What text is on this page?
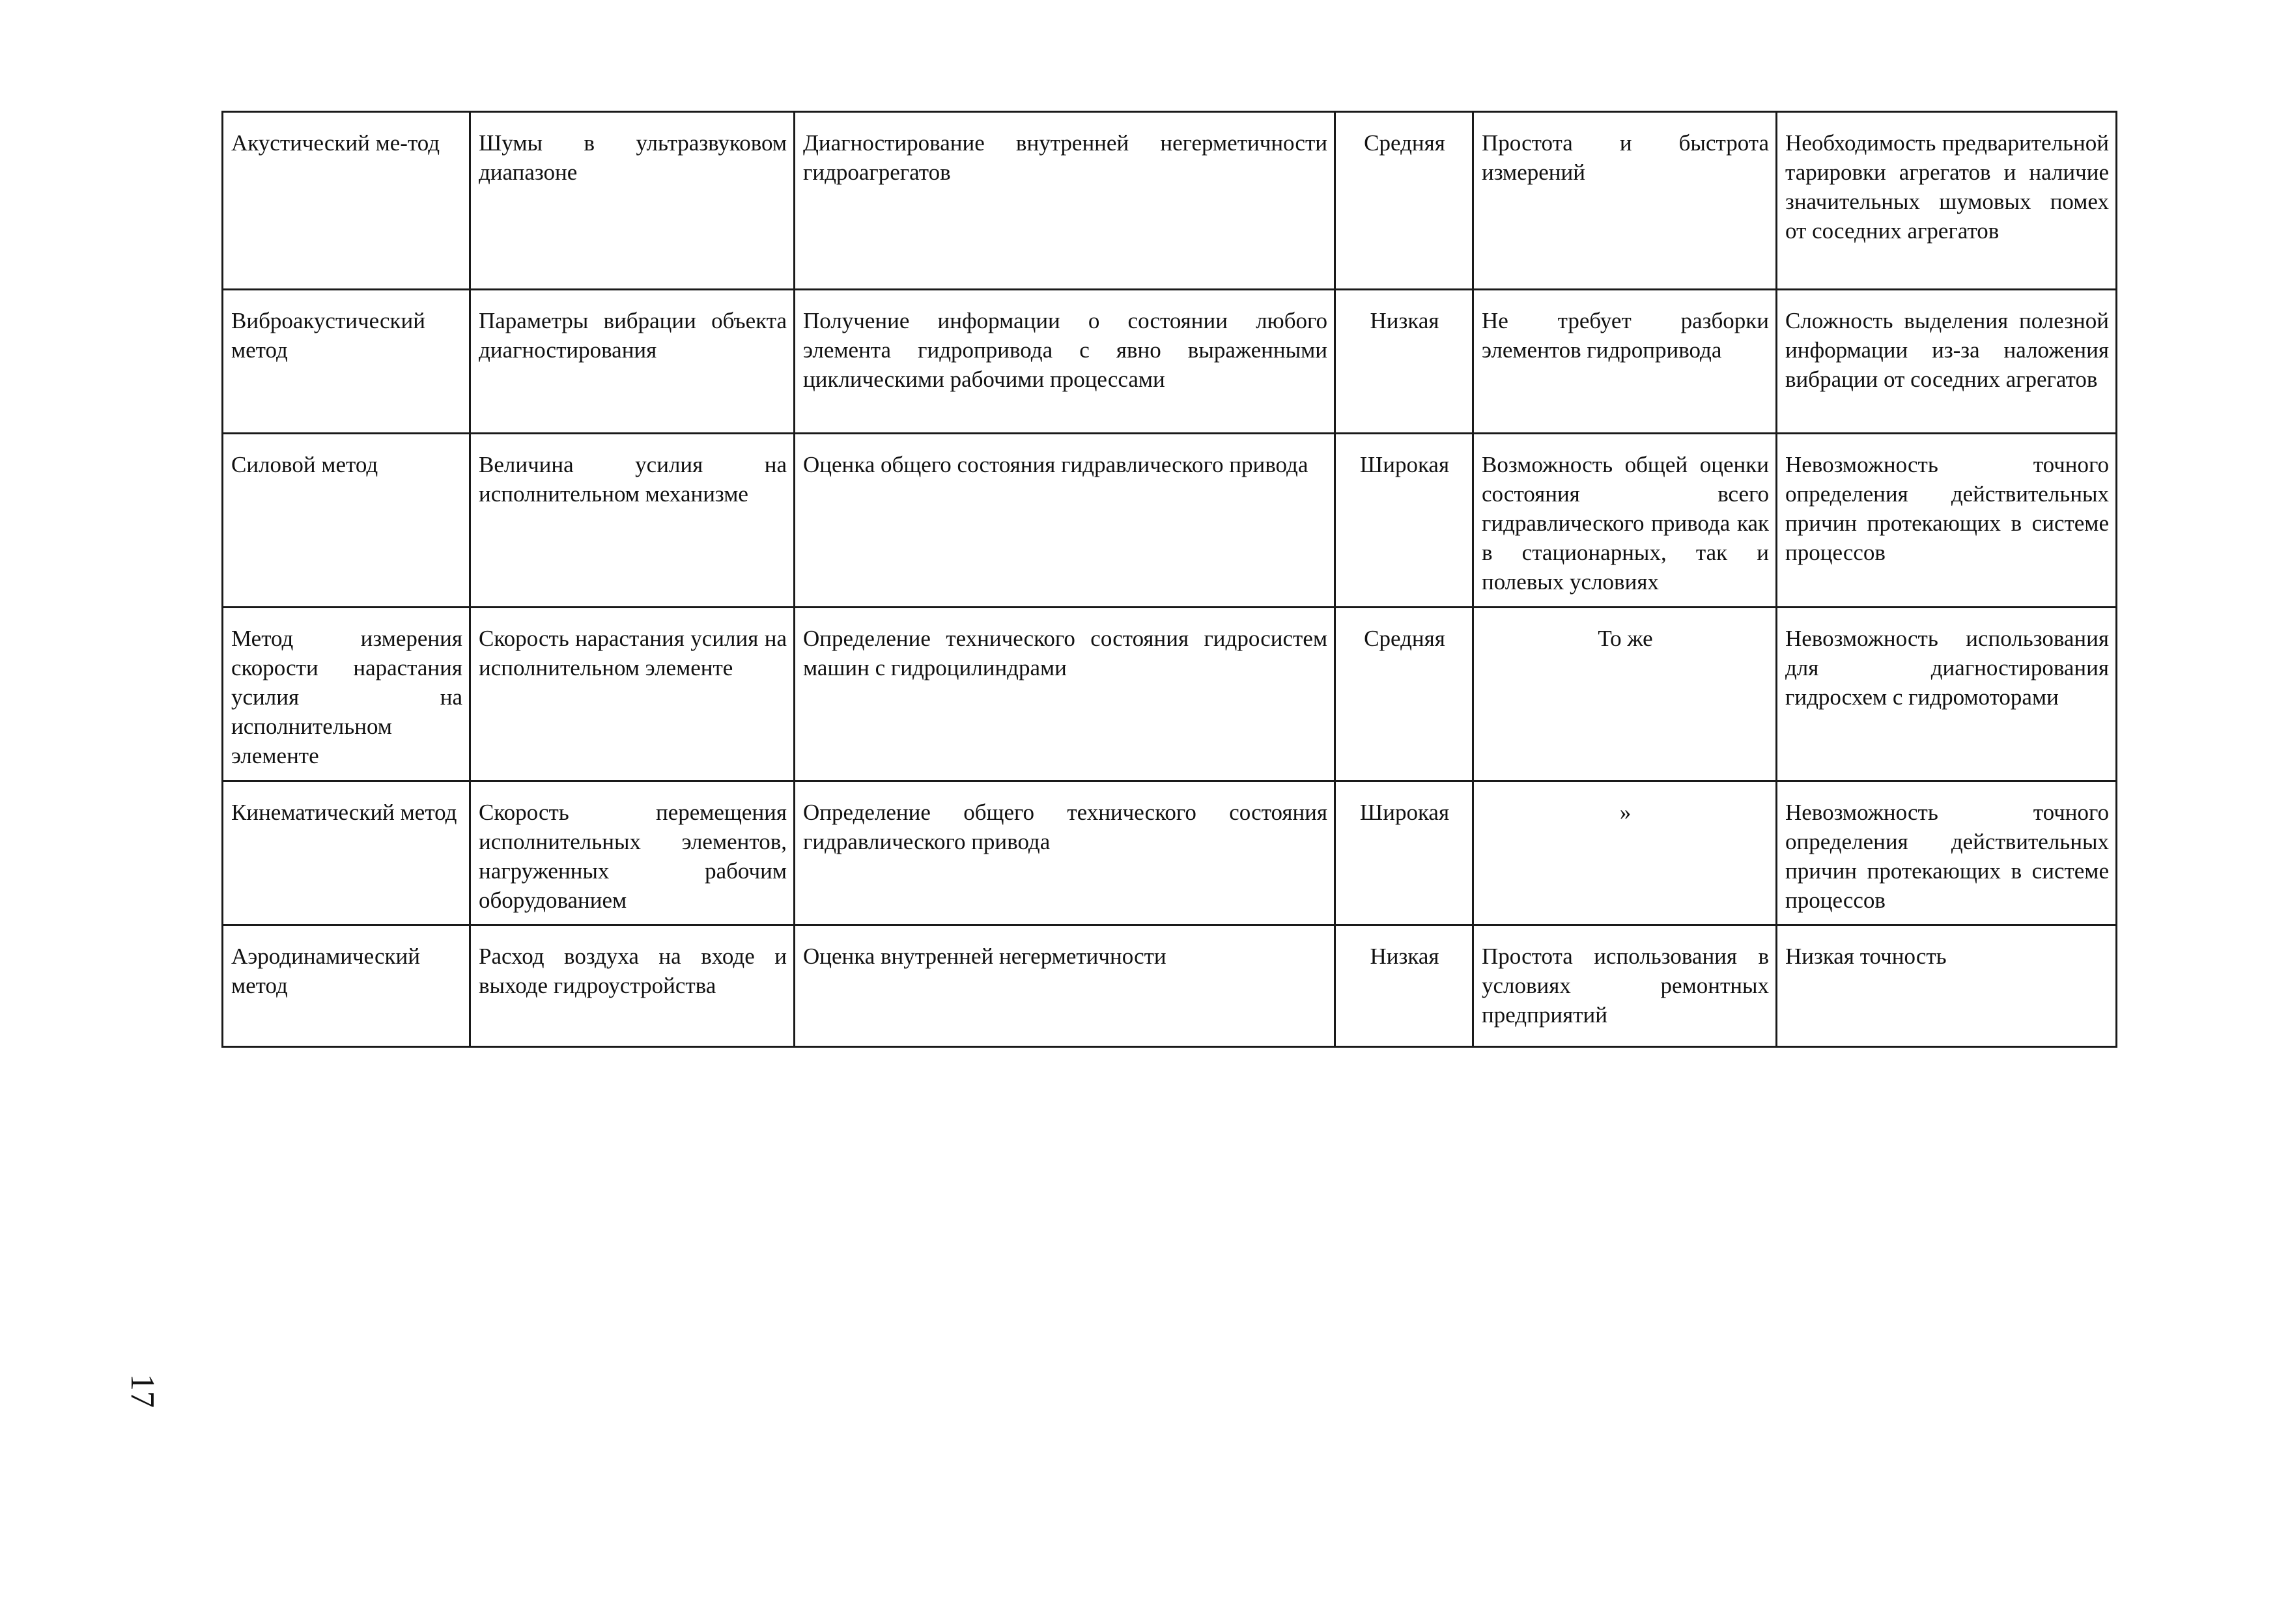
Акустический ме-тод	Шумы в ультразвуковом диапазоне	Диагностирование внутренней негерметичности гидроагрегатов	Средняя	Простота и быстрота измерений	Необходимость предварительной тарировки агрегатов и наличие значительных шумовых помех от соседних агрегатов
Виброакустический метод	Параметры вибрации объекта диагностирования	Получение информации о состоянии любого элемента гидропривода с явно выраженными циклическими рабочими процессами	Низкая	Не требует разборки элементов гидропривода	Сложность выделения полезной информации из-за наложения вибрации от соседних агрегатов
Силовой метод	Величина усилия на исполнительном механизме	Оценка общего состояния гидравлического привода	Широкая	Возможность общей оценки состояния всего гидравлического привода как в стационарных, так и полевых условиях	Невозможность точного определения действительных причин протекающих в системе процессов
Метод измерения скорости нарастания усилия на исполнительном элементе	Скорость нарастания усилия на исполнительном элементе	Определение технического состояния гидросистем машин с гидроцилиндрами	Средняя	То же	Невозможность использования для диагностирования гидросхем с гидромоторами
Кинематический метод	Скорость перемещения исполнительных элементов, нагруженных рабочим оборудованием	Определение общего технического состояния гидравлического привода	Широкая	»	Невозможность точного определения действительных причин протекающих в системе процессов
Аэродинамический метод	Расход воздуха на входе и выходе гидроустройства	Оценка внутренней негерметичности	Низкая	Простота использования в условиях ремонтных предприятий	Низкая точность
17
